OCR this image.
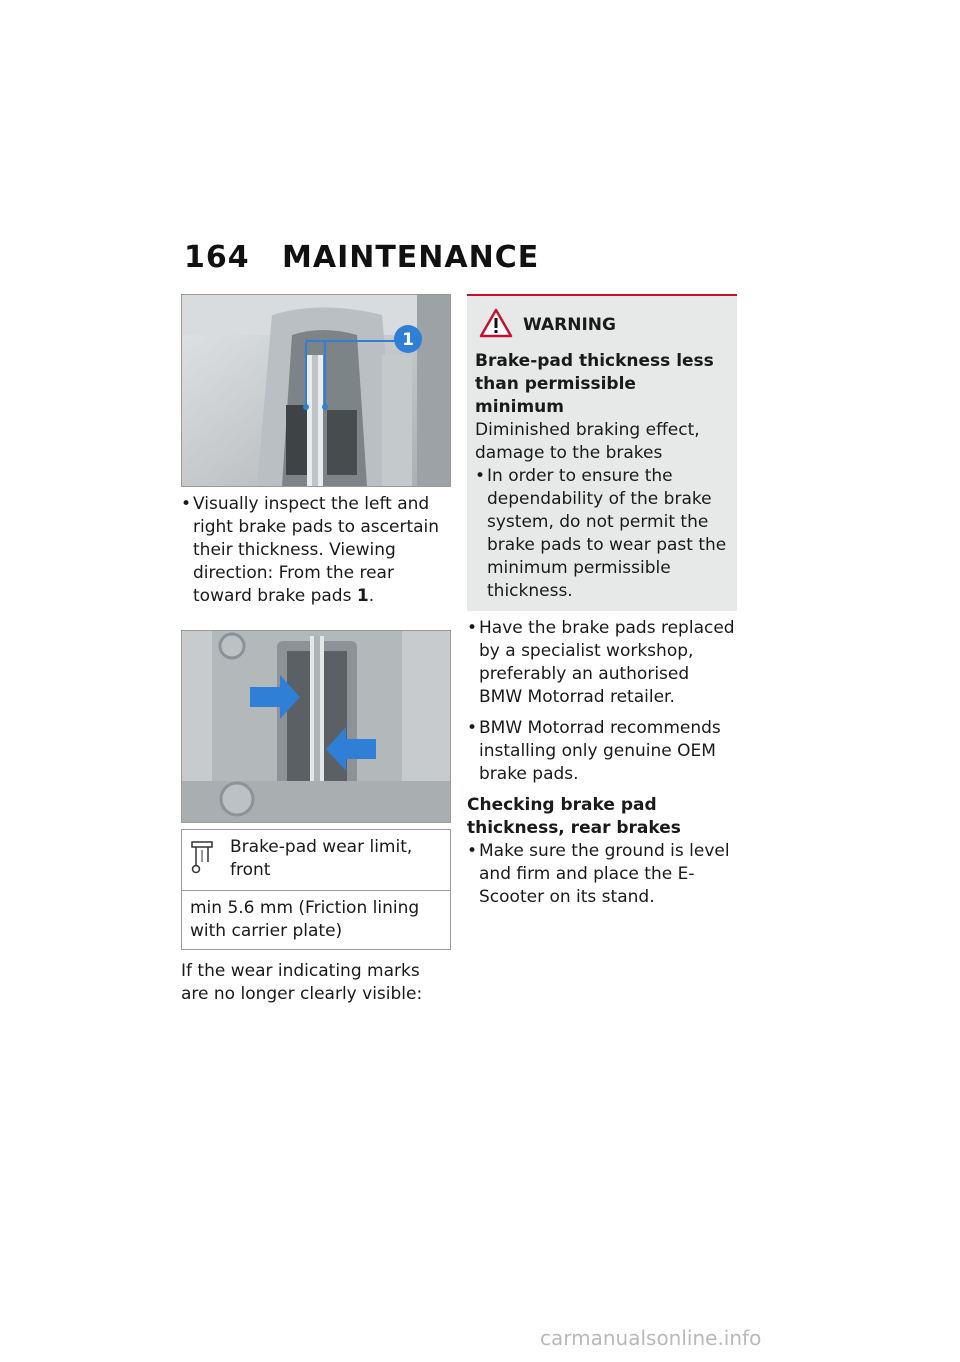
164 MAINTENANCE
1
• Visually inspect the left and right brake pads to ascertain their thickness. Viewing direction: From the rear toward brake pads 1.
Brake-pad wear limit, front
min 5.6 mm (Friction lining with carrier plate)
If the wear indicating marks are no longer clearly visible:
WARNING
Brake-pad thickness less than permissible minimum
Diminished braking effect, damage to the brakes
• In order to ensure the dependability of the brake system, do not permit the brake pads to wear past the minimum permissible thickness.
• Have the brake pads replaced by a specialist workshop, preferably an authorised BMW Motorrad retailer.
• BMW Motorrad recommends installing only genuine OEM brake pads.
Checking brake pad thickness, rear brakes
• Make sure the ground is level and firm and place the E-Scooter on its stand.
carmanualsonline.info
